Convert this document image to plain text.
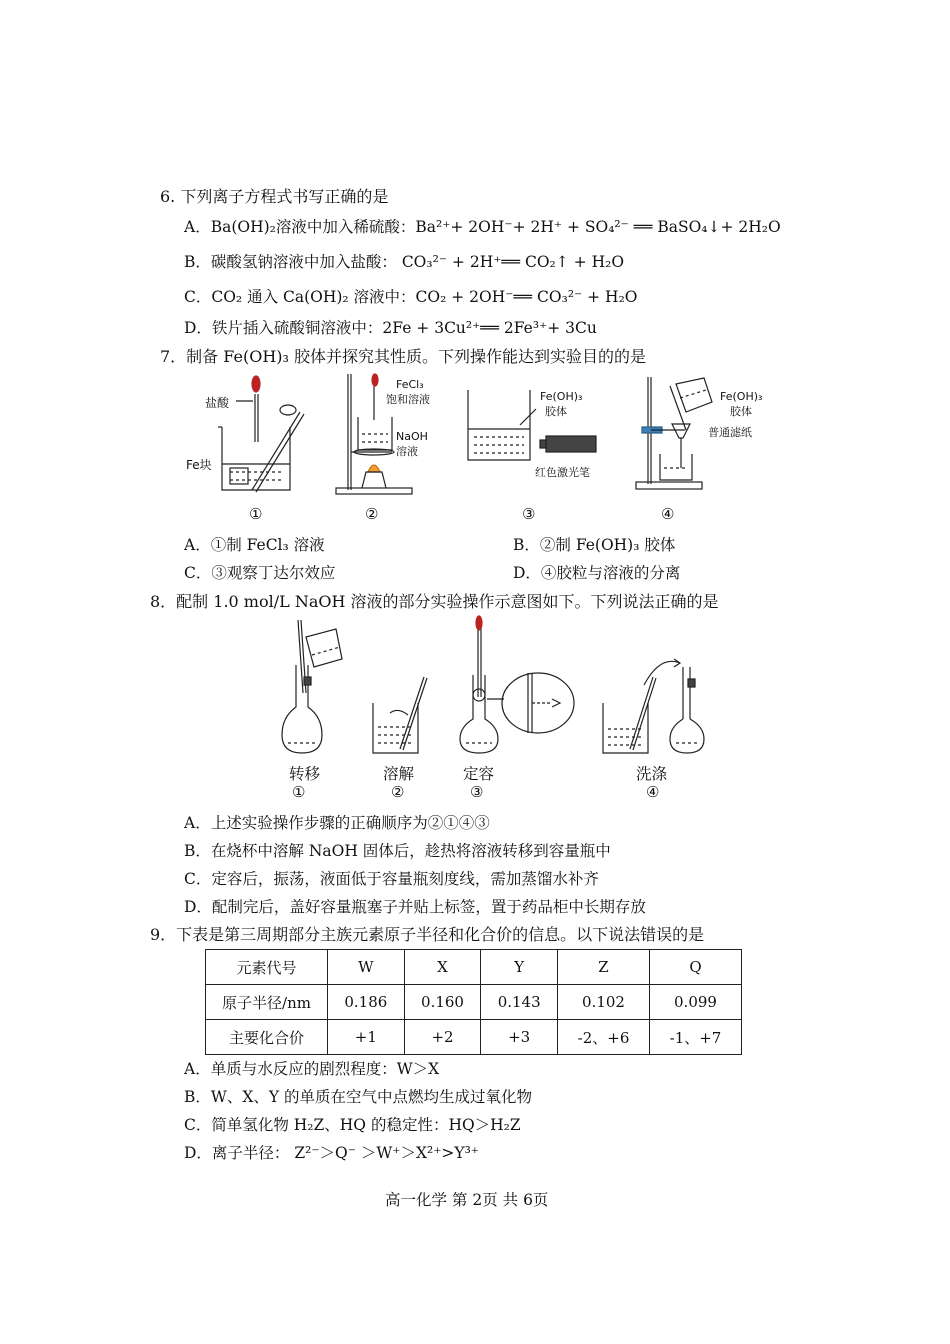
6. 下列离子方程式书写正确的是
A．Ba(OH)₂溶液中加入稀硫酸：Ba²⁺+ 2OH⁻+ 2H⁺ + SO₄²⁻ ══ BaSO₄↓+ 2H₂O
B．碳酸氢钠溶液中加入盐酸： CO₃²⁻ + 2H⁺══ CO₂↑ + H₂O
C．CO₂ 通入 Ca(OH)₂ 溶液中：CO₂ + 2OH⁻══ CO₃²⁻ + H₂O
D．铁片插入硫酸铜溶液中：2Fe + 3Cu²⁺══ 2Fe³⁺+ 3Cu
7．制备 Fe(OH)₃ 胶体并探究其性质。下列操作能达到实验目的的是
盐酸
Fe块
①
FeCl₃
饱和溶液
NaOH
溶液
②
Fe(OH)₃
胶体
红色激光笔
③
Fe(OH)₃
胶体
普通滤纸
④
A．①制 FeCl₃ 溶液	B．②制 Fe(OH)₃ 胶体
C．③观察丁达尔效应	D．④胶粒与溶液的分离
8．配制 1.0 mol/L NaOH 溶液的部分实验操作示意图如下。下列说法正确的是
转移
①
溶解
②
定容
③
洗涤
④
A．上述实验操作步骤的正确顺序为②①④③
B．在烧杯中溶解 NaOH 固体后，趁热将溶液转移到容量瓶中
C．定容后，振荡，液面低于容量瓶刻度线，需加蒸馏水补齐
D．配制完后，盖好容量瓶塞子并贴上标签，置于药品柜中长期存放
9．下表是第三周期部分主族元素原子半径和化合价的信息。以下说法错误的是
元素代号	W	X	Y	Z	Q
原子半径/nm	0.186	0.160	0.143	0.102	0.099
主要化合价	+1	+2	+3	-2、+6	-1、+7
A．单质与水反应的剧烈程度：W＞X
B．W、X、Y 的单质在空气中点燃均生成过氧化物
C．简单氢化物 H₂Z、HQ 的稳定性：HQ＞H₂Z
D．离子半径： Z²⁻＞Q⁻ ＞W⁺＞X²⁺>Y³⁺
高一化学 第 2页 共 6页
